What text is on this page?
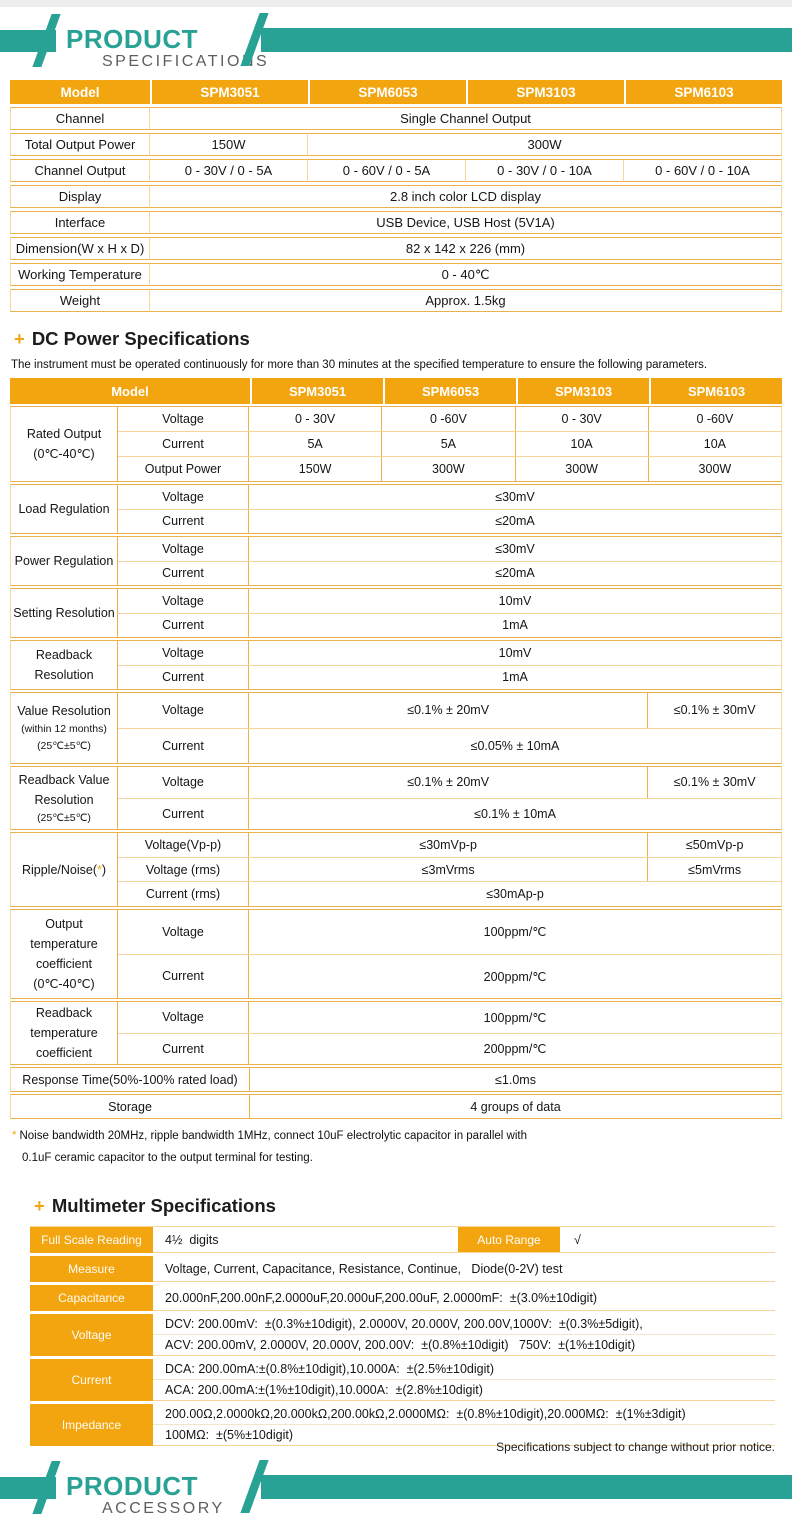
PRODUCT
SPECIFICATIONS
Model	SPM3051	SPM6053	SPM3103	SPM6103
Channel	Single Channel Output			
Total Output Power	150W	300W		
Channel Output	0 - 30V / 0 - 5A	0 - 60V / 0 - 5A	0 - 30V / 0 - 10A	0 - 60V / 0 - 10A
Display	2.8 inch color LCD display			
Interface	USB Device, USB Host (5V1A)			
Dimension(W x H x D)	82 x 142 x 226 (mm)			
Working Temperature	0 - 40℃			
Weight	Approx. 1.5kg			
+ DC Power Specifications
The instrument must be operated continuously for more than 30 minutes at the specified temperature to ensure the following parameters.
Model	SPM3051	SPM6053	SPM3103	SPM6103
Rated Output
(0℃-40℃)
Voltage	0 - 30V	0 -60V	0 - 30V	0 -60V
Current	5A	5A	10A	10A
Output Power	150W	300W	300W	300W
Load Regulation
Voltage	≤30mV
Current	≤20mA
Power Regulation
Voltage	≤30mV
Current	≤20mA
Setting Resolution
Voltage	10mV
Current	1mA
Readback
Resolution
Voltage	10mV
Current	1mA
Value Resolution
(within 12 months)
(25℃±5℃)
Voltage	≤0.1% ± 20mV	≤0.1% ± 30mV
Current	≤0.05% ± 10mA
Readback Value
Resolution
(25℃±5℃)
Voltage	≤0.1% ± 20mV	≤0.1% ± 30mV
Current	≤0.1% ± 10mA
Ripple/Noise(*)
Voltage(Vp-p)	≤30mVp-p	≤50mVp-p
Voltage (rms)	≤3mVrms	≤5mVrms
Current (rms)	≤30mAp-p
Output
temperature
coefficient
(0℃-40℃)
Voltage	100ppm/℃
Current	200ppm/℃
Readback
temperature
coefficient
Voltage	100ppm/℃
Current	200ppm/℃
Response Time(50%-100% rated load)	≤1.0ms
Storage	4 groups of data
* Noise bandwidth 20MHz, ripple bandwidth 1MHz, connect 10uF electrolytic capacitor in parallel with
0.1uF ceramic capacitor to the output terminal for testing.
+ Multimeter Specifications
Full Scale Reading	4½  digits	Auto Range	√
Measure	Voltage, Current, Capacitance, Resistance, Continue,   Diode(0-2V) test
Capacitance	20.000nF,200.00nF,2.0000uF,20.000uF,200.00uF, 2.0000mF:  ±(3.0%±10digit)
Voltage
DCV: 200.00mV:  ±(0.3%±10digit), 2.0000V, 20.000V, 200.00V,1000V:  ±(0.3%±5digit),
ACV: 200.00mV, 2.0000V, 20.000V, 200.00V:  ±(0.8%±10digit)   750V:  ±(1%±10digit)
Current
DCA: 200.00mA:±(0.8%±10digit),10.000A:  ±(2.5%±10digit)
ACA: 200.00mA:±(1%±10digit),10.000A:  ±(2.8%±10digit)
Impedance
200.00Ω,2.0000kΩ,20.000kΩ,200.00kΩ,2.0000MΩ:  ±(0.8%±10digit),20.000MΩ:  ±(1%±3digit)
100MΩ:  ±(5%±10digit)
Specifications subject to change without prior notice.
PRODUCT
ACCESSORY
